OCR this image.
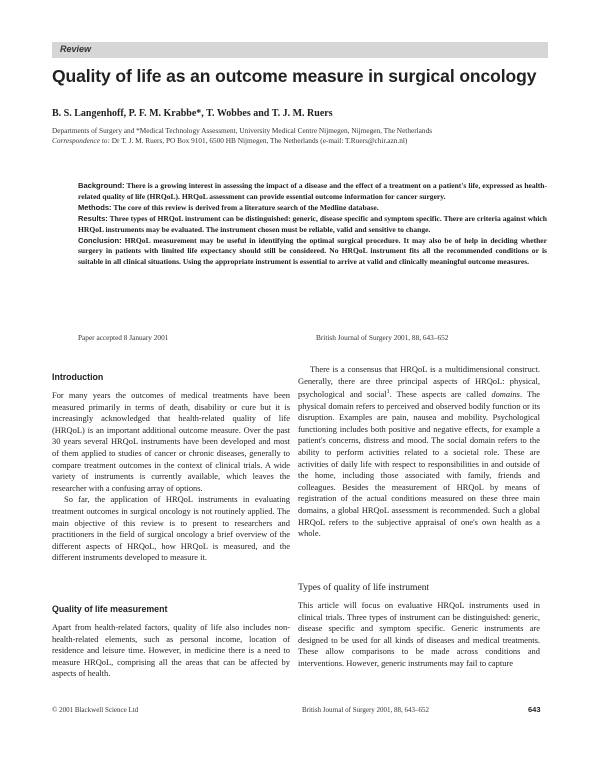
Review
Quality of life as an outcome measure in surgical oncology
B. S. Langenhoff, P. F. M. Krabbe*, T. Wobbes and T. J. M. Ruers
Departments of Surgery and *Medical Technology Assessment, University Medical Centre Nijmegen, Nijmegen, The Netherlands
Correspondence to: Dr T. J. M. Ruers, PO Box 9101, 6500 HB Nijmegen, The Netherlands (e-mail: T.Ruers@chir.azn.nl)

Background: There is a growing interest in assessing the impact of a disease and the effect of a treatment on a patient's life, expressed as health-related quality of life (HRQoL). HRQoL assessment can provide essential outcome information for cancer surgery.

Methods: The core of this review is derived from a literature search of the Medline database.

Results: Three types of HRQoL instrument can be distinguished: generic, disease specific and symptom specific. There are criteria against which HRQoL instruments may be evaluated. The instrument chosen must be reliable, valid and sensitive to change.

Conclusion: HRQoL measurement may be useful in identifying the optimal surgical procedure. It may also be of help in deciding whether surgery in patients with limited life expectancy should still be considered. No HRQoL instrument fits all the recommended conditions or is suitable in all clinical situations. Using the appropriate instrument is essential to arrive at valid and clinically meaningful outcome measures.

Paper accepted 8 January 2001	British Journal of Surgery 2001, 88, 643–652
Introduction

For many years the outcomes of medical treatments have been measured primarily in terms of death, disability or cure but it is increasingly acknowledged that health-related quality of life (HRQoL) is an important additional outcome measure. Over the past 30 years several HRQoL instruments have been developed and most of them applied to studies of cancer or chronic diseases, generally to compare treatment outcomes in the context of clinical trials. A wide variety of instruments is currently available, which leaves the researcher with a confusing array of options.

So far, the application of HRQoL instruments in evaluating treatment outcomes in surgical oncology is not routinely applied. The main objective of this review is to present to researchers and practitioners in the field of surgical oncology a brief overview of the different aspects of HRQoL, how HRQoL is measured, and the different instruments developed to measure it.

Quality of life measurement

Apart from health-related factors, quality of life also includes non-health-related elements, such as personal income, location of residence and leisure time. However, in medicine there is a need to measure HRQoL, comprising all the areas that can be affected by aspects of health.

There is a consensus that HRQoL is a multidimensional construct. Generally, there are three principal aspects of HRQoL: physical, psychological and social$^1$. These aspects are called domains. The physical domain refers to perceived and observed bodily function or its disruption. Examples are pain, nausea and mobility. Psychological functioning includes both positive and negative effects, for example a patient's concerns, distress and mood. The social domain refers to the ability to perform activities related to a societal role. These are activities of daily life with respect to responsibilities in and outside of the home, including those associated with family, friends and colleagues. Besides the measurement of HRQoL by means of registration of the actual conditions measured on these three main domains, a global HRQoL assessment is recommended. Such a global HRQoL refers to the subjective appraisal of one's own health as a whole.

Types of quality of life instrument

This article will focus on evaluative HRQoL instruments used in clinical trials. Three types of instrument can be distinguished: generic, disease specific and symptom specific. Generic instruments are designed to be used for all kinds of diseases and medical treatments. These allow comparisons to be made across conditions and interventions. However, generic instruments may fail to capture

© 2001 Blackwell Science Ltd	British Journal of Surgery 2001, 88, 643–652	643
